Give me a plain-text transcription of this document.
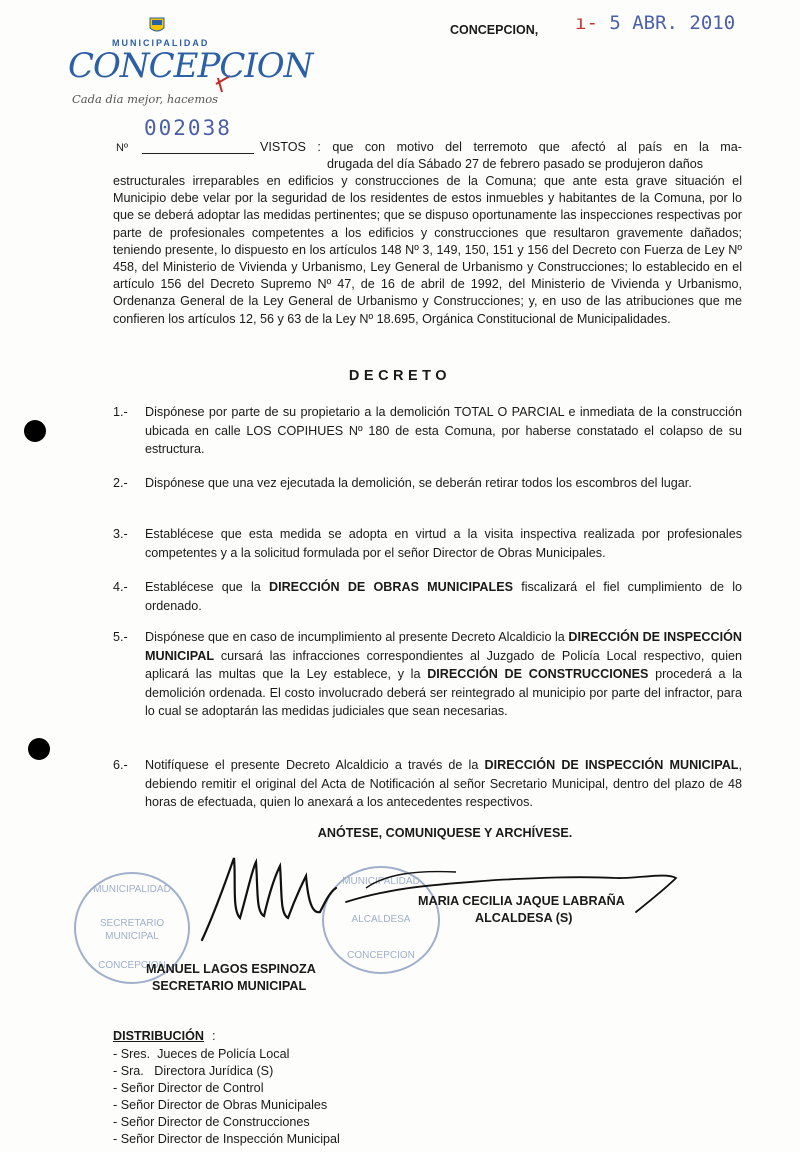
MUNICIPALIDAD
CONCEPCION
Cada dia mejor, hacemos
CONCEPCION, ı- 5 ABR. 2010
Nº
002038
VISTOS : que con motivo del terremoto que afectó al país en la ma-
drugada del día Sábado 27 de febrero pasado se produjeron daños
estructurales irreparables en edificios y construcciones de la Comuna; que ante esta grave situación el Municipio debe velar por la seguridad de los residentes de estos inmuebles y habitantes de la Comuna, por lo que se deberá adoptar las medidas pertinentes; que se dispuso oportunamente las inspecciones respectivas por parte de profesionales competentes a los edificios y construcciones que resultaron gravemente dañados; teniendo presente, lo dispuesto en los artículos 148 Nº 3, 149, 150, 151 y 156 del Decreto con Fuerza de Ley Nº 458, del Ministerio de Vivienda y Urbanismo, Ley General de Urbanismo y Construcciones; lo establecido en el artículo 156 del Decreto Supremo Nº 47, de 16 de abril de 1992, del Ministerio de Vivienda y Urbanismo, Ordenanza General de la Ley General de Urbanismo y Construcciones; y, en uso de las atribuciones que me confieren los artículos 12, 56 y 63 de la Ley Nº 18.695, Orgánica Constitucional de Municipalidades.
DECRETO
1.- Dispónese por parte de su propietario a la demolición TOTAL O PARCIAL e inmediata de la construcción ubicada en calle LOS COPIHUES Nº 180 de esta Comuna, por haberse constatado el colapso de su estructura.
2.- Dispónese que una vez ejecutada la demolición, se deberán retirar todos los escombros del lugar.
3.- Establécese que esta medida se adopta en virtud a la visita inspectiva realizada por profesionales competentes y a la solicitud formulada por el señor Director de Obras Municipales.
4.- Establécese que la DIRECCIÓN DE OBRAS MUNICIPALES fiscalizará el fiel cumplimiento de lo ordenado.
5.- Dispónese que en caso de incumplimiento al presente Decreto Alcaldicio la DIRECCIÓN DE INSPECCIÓN MUNICIPAL cursará las infracciones correspondientes al Juzgado de Policía Local respectivo, quien aplicará las multas que la Ley establece, y la DIRECCIÓN DE CONSTRUCCIONES procederá a la demolición ordenada. El costo involucrado deberá ser reintegrado al municipio por parte del infractor, para lo cual se adoptarán las medidas judiciales que sean necesarias.
6.- Notifíquese el presente Decreto Alcaldicio a través de la DIRECCIÓN DE INSPECCIÓN MUNICIPAL, debiendo remitir el original del Acta de Notificación al señor Secretario Municipal, dentro del plazo de 48 horas de efectuada, quien lo anexará a los antecedentes respectivos.
ANÓTESE, COMUNIQUESE Y ARCHÍVESE.
MUNICIPALIDAD
SECRETARIO
MUNICIPAL
CONCEPCION
MUNICIPALIDAD
ALCALDESA
CONCEPCION
MARIA CECILIA JAQUE LABRAÑA
ALCALDESA (S)
MANUEL LAGOS ESPINOZA
SECRETARIO MUNICIPAL
DISTRIBUCIÓN :
- Sres.  Jueces de Policía Local
- Sra.   Directora Jurídica (S)
- Señor Director de Control
- Señor Director de Obras Municipales
- Señor Director de Construcciones
- Señor Director de Inspección Municipal
